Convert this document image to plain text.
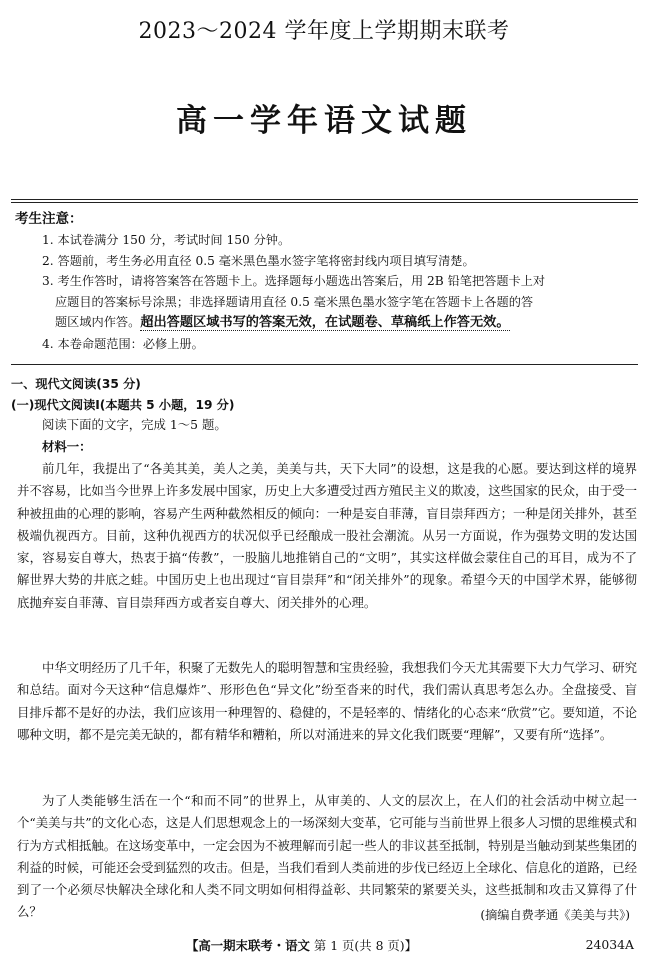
2023～2024 学年度上学期期末联考
高一学年语文试题
考生注意：
1. 本试卷满分 150 分，考试时间 150 分钟。
2. 答题前，考生务必用直径 0.5 毫米黑色墨水签字笔将密封线内项目填写清楚。
3. 考生作答时，请将答案答在答题卡上。选择题每小题选出答案后，用 2B 铅笔把答题卡上对
应题目的答案标号涂黑；非选择题请用直径 0.5 毫米黑色墨水签字笔在答题卡上各题的答
题区域内作答。超出答题区域书写的答案无效，在试题卷、草稿纸上作答无效。
4. 本卷命题范围：必修上册。
一、现代文阅读(35 分)
(一)现代文阅读Ⅰ(本题共 5 小题，19 分)

阅读下面的文字，完成 1～5 题。

材料一：

前几年，我提出了“各美其美，美人之美，美美与共，天下大同”的设想，这是我的心愿。要达到这样的境界并不容易，比如当今世界上许多发展中国家，历史上大多遭受过西方殖民主义的欺凌，这些国家的民众，由于受一种被扭曲的心理的影响，容易产生两种截然相反的倾向：一种是妄自菲薄，盲目崇拜西方；一种是闭关排外，甚至极端仇视西方。目前，这种仇视西方的状况似乎已经酿成一股社会潮流。从另一方面说，作为强势文明的发达国家，容易妄自尊大，热衷于搞“传教”，一股脑儿地推销自己的“文明”，其实这样做会蒙住自己的耳目，成为不了解世界大势的井底之蛙。中国历史上也出现过“盲目崇拜”和“闭关排外”的现象。希望今天的中国学术界，能够彻底抛弃妄自菲薄、盲目崇拜西方或者妄自尊大、闭关排外的心理。

中华文明经历了几千年，积聚了无数先人的聪明智慧和宝贵经验，我想我们今天尤其需要下大力气学习、研究和总结。面对今天这种“信息爆炸”、形形色色“异文化”纷至沓来的时代，我们需认真思考怎么办。全盘接受、盲目排斥都不是好的办法，我们应该用一种理智的、稳健的，不是轻率的、情绪化的心态来“欣赏”它。要知道，不论哪种文明，都不是完美无缺的，都有精华和糟粕，所以对涌进来的异文化我们既要“理解”，又要有所“选择”。

为了人类能够生活在一个“和而不同”的世界上，从审美的、人文的层次上，在人们的社会活动中树立起一个“美美与共”的文化心态，这是人们思想观念上的一场深刻大变革，它可能与当前世界上很多人习惯的思维模式和行为方式相抵触。在这场变革中，一定会因为不被理解而引起一些人的非议甚至抵制，特别是当触动到某些集团的利益的时候，可能还会受到猛烈的攻击。但是，当我们看到人类前进的步伐已经迈上全球化、信息化的道路，已经到了一个必须尽快解决全球化和人类不同文明如何相得益彰、共同繁荣的紧要关头，这些抵制和攻击又算得了什么？	(摘编自费孝通《美美与共》)
【高一期末联考・语文 第 1 页(共 8 页)】	24034A
